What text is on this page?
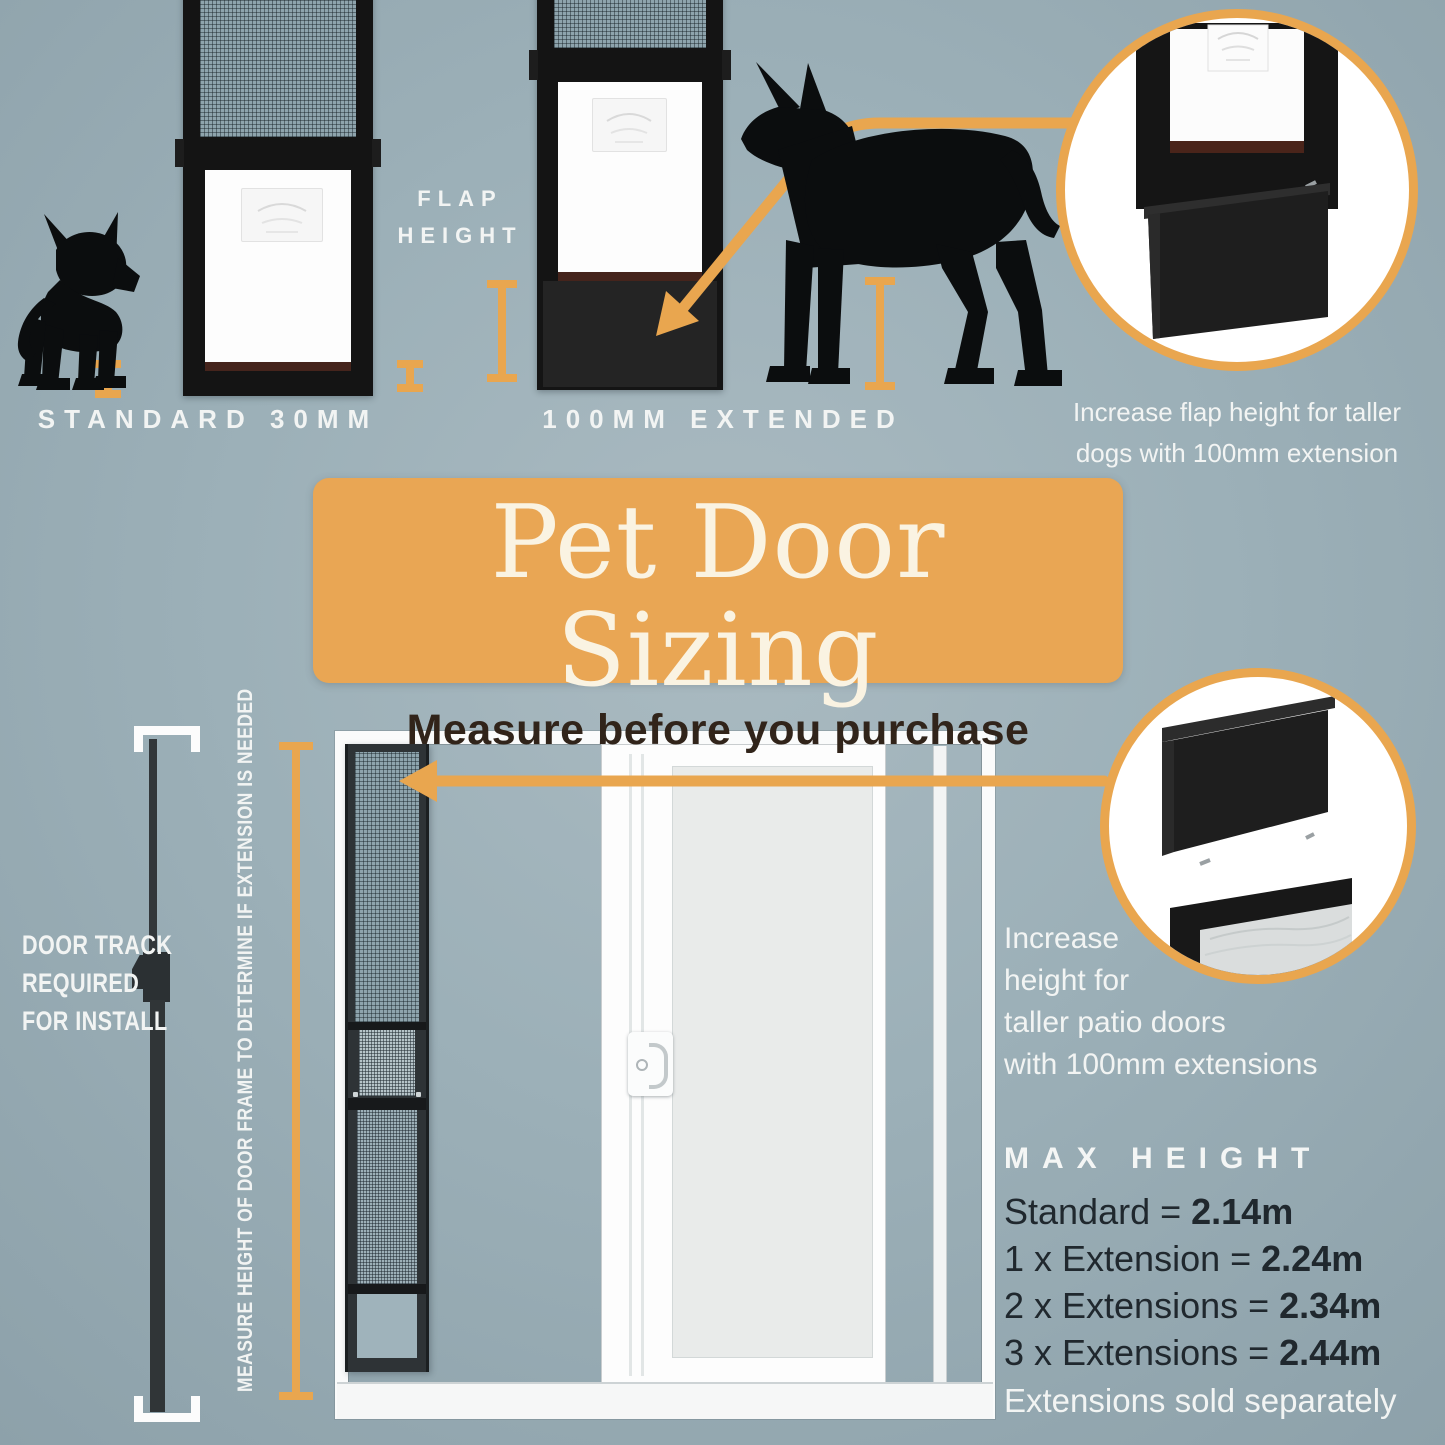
Pet Door Sizing
Measure before you purchase
FLAP
HEIGHT
STANDARD 30MM	100MM EXTENDED	Increase flap height for taller
dogs with 100mm extension
DOOR TRACK
REQUIRED
FOR INSTALL	MEASURE HEIGHT OF DOOR FRAME TO DETERMINE IF EXTENSION IS NEEDED	Increase
height for
taller patio doors
with 100mm extensions
MAX HEIGHT
Standard = 2.14m
1 x Extension = 2.24m
2 x Extensions = 2.34m
3 x Extensions = 2.44m
Extensions sold separately
